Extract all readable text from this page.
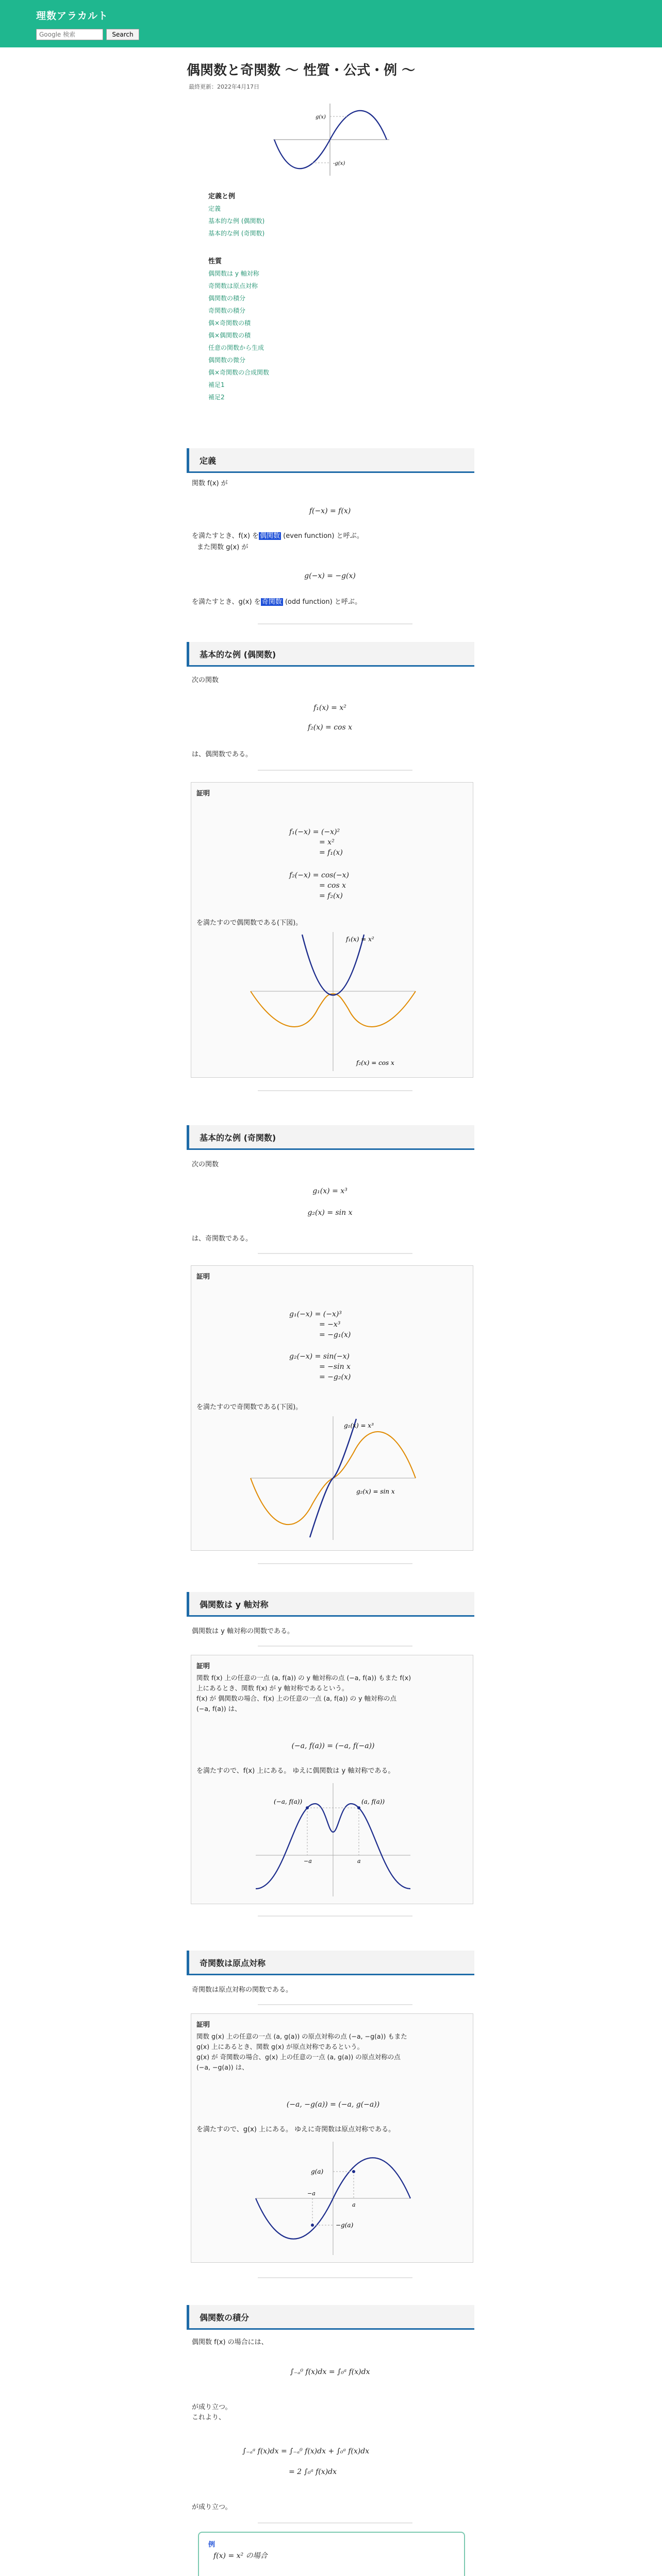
理数アラカルト
Google 検索
Search
偶関数と奇関数 〜 性質・公式・例 〜
最終更新：2022年4月17日
g(x)
-g(x)
定義と例
定義
基本的な例 (偶関数)
基本的な例 (奇関数)
性質
偶関数は y 軸対称
奇関数は原点対称
偶関数の積分
奇関数の積分
偶×奇関数の積
偶×偶関数の積
任意の関数から生成
偶関数の微分
偶×奇関数の合成関数
補足1
補足2
定義
関数 f(x) が
f(−x) = f(x)
を満たすとき、f(x) を 偶関数 (even function) と呼ぶ。
また関数 g(x) が
g(−x) = −g(x)
を満たすとき、g(x) を 奇関数 (odd function) と呼ぶ。
基本的な例 (偶関数)
次の関数
f₁(x) = x²
f₂(x) = cos x
は、偶関数である。
証明
f₁(−x) = (−x)²
= x²
= f₁(x)
f₂(−x) = cos(−x)
= cos x
= f₂(x)
を満たすので偶関数である(下図)。
f₁(x) = x²
f₂(x) = cos x
基本的な例 (奇関数)
次の関数
g₁(x) = x³
g₂(x) = sin x
は、奇関数である。
証明
g₁(−x) = (−x)³
= −x³
= −g₁(x)
g₂(−x) = sin(−x)
= −sin x
= −g₂(x)
を満たすので奇関数である(下図)。
g₁(x) = x³
g₂(x) = sin x
偶関数は y 軸対称
偶関数は y 軸対称の関数である。
証明
関数 f(x) 上の任意の一点 (a, f(a)) の y 軸対称の点 (−a, f(a)) もまた f(x)
上にあるとき、関数 f(x) が y 軸対称であるという。
f(x) が 偶関数の場合、f(x) 上の任意の一点 (a, f(a)) の y 軸対称の点
(−a, f(a)) は、
(−a, f(a)) = (−a, f(−a))
を満たすので、f(x) 上にある。 ゆえに偶関数は y 軸対称である。
(−a, f(a))	(a, f(a))
−a	a
奇関数は原点対称
奇関数は原点対称の関数である。
証明
関数 g(x) 上の任意の一点 (a, g(a)) の原点対称の点 (−a, −g(a)) もまた
g(x) 上にあるとき、関数 g(x) が原点対称であるという。
g(x) が 奇関数の場合、g(x) 上の任意の一点 (a, g(a)) の原点対称の点
(−a, −g(a)) は、
(−a, −g(a)) = (−a, g(−a))
を満たすので、g(x) 上にある。 ゆえに奇関数は原点対称である。
g(a)
−g(a)
−a
a
偶関数の積分
偶関数 f(x) の場合には、
∫₋ₐ⁰ f(x)dx = ∫₀ᵃ f(x)dx
が成り立つ。
これより、
∫₋ₐᵃ f(x)dx = ∫₋ₐ⁰ f(x)dx + ∫₀ᵃ f(x)dx
= 2 ∫₀ᵃ f(x)dx
が成り立つ。
例
f(x) = x² の場合
